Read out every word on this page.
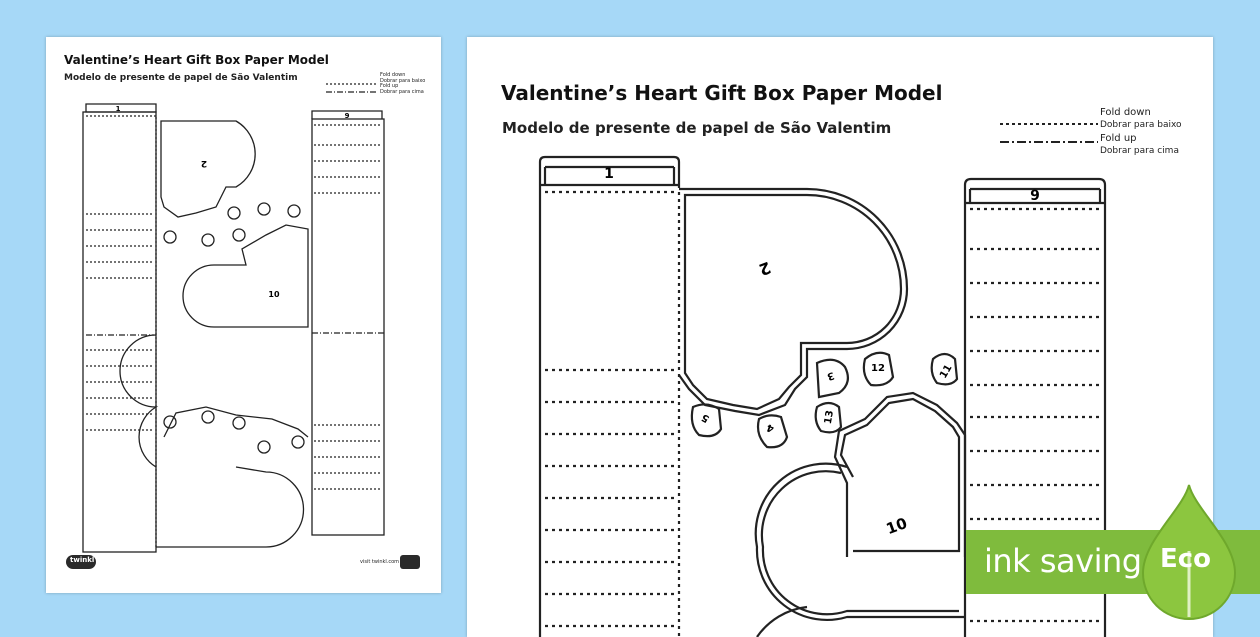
Valentine’s Heart Gift Box Paper Model
Modelo de presente de papel de São Valentim	Fold down
Dobrar para baixo
Fold up
Dobrar para cima
1
9
2
10
twinkl	visit twinkl.com
Valentine’s Heart Gift Box Paper Model
Modelo de presente de papel de São Valentim
Fold down
Dobrar para baixo
Fold up
Dobrar para cima
1
9
2
10
3
4
5
11
12
13
ink saving Eco
